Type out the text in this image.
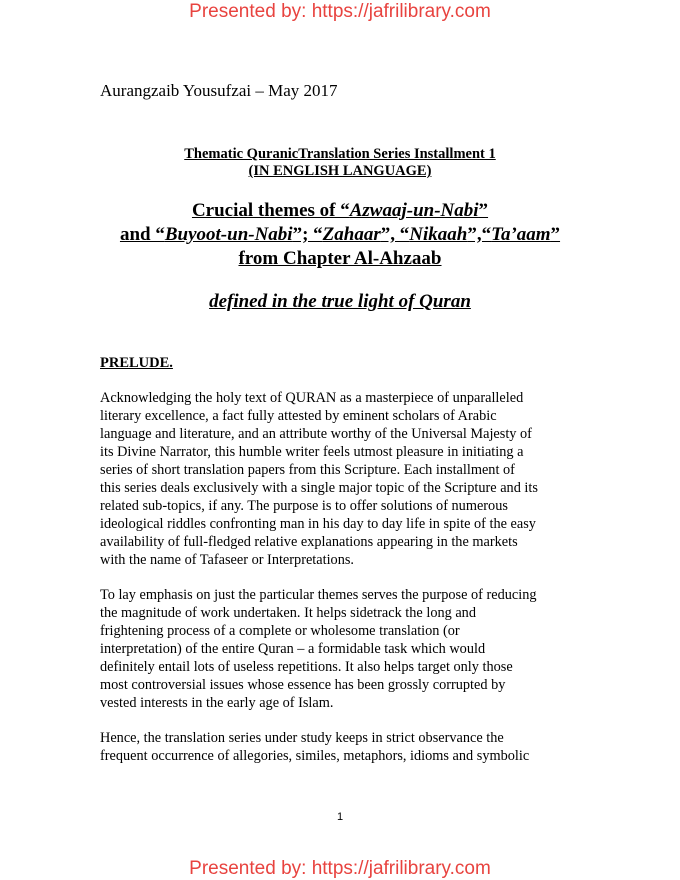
Presented by: https://jafrilibrary.com
Aurangzaib Yousufzai – May 2017
Thematic QuranicTranslation Series Installment 1
(IN ENGLISH LANGUAGE)
Crucial themes of “Azwaaj-un-Nabi”
and “Buyoot-un-Nabi”; “Zahaar”, “Nikaah”,“Ta’aam”
from Chapter Al-Ahzaab
defined in the true light of Quran
PRELUDE.
Acknowledging the holy text of QURAN as a masterpiece of unparalleled
literary excellence, a fact fully attested by eminent scholars of Arabic
language and literature, and an attribute worthy of the Universal Majesty of
its Divine Narrator, this humble writer feels utmost pleasure in initiating a
series of short translation papers from this Scripture. Each installment of
this series deals exclusively with a single major topic of the Scripture and its
related sub-topics, if any. The purpose is to offer solutions of numerous
ideological riddles confronting man in his day to day life in spite of the easy
availability of full-fledged relative explanations appearing in the markets
with the name of Tafaseer or Interpretations.
To lay emphasis on just the particular themes serves the purpose of reducing
the magnitude of work undertaken. It helps sidetrack the long and
frightening process of a complete or wholesome translation (or
interpretation) of the entire Quran – a formidable task which would
definitely entail lots of useless repetitions. It also helps target only those
most controversial issues whose essence has been grossly corrupted by
vested interests in the early age of Islam.
Hence, the translation series under study keeps in strict observance the
frequent occurrence of allegories, similes, metaphors, idioms and symbolic
1
Presented by: https://jafrilibrary.com
